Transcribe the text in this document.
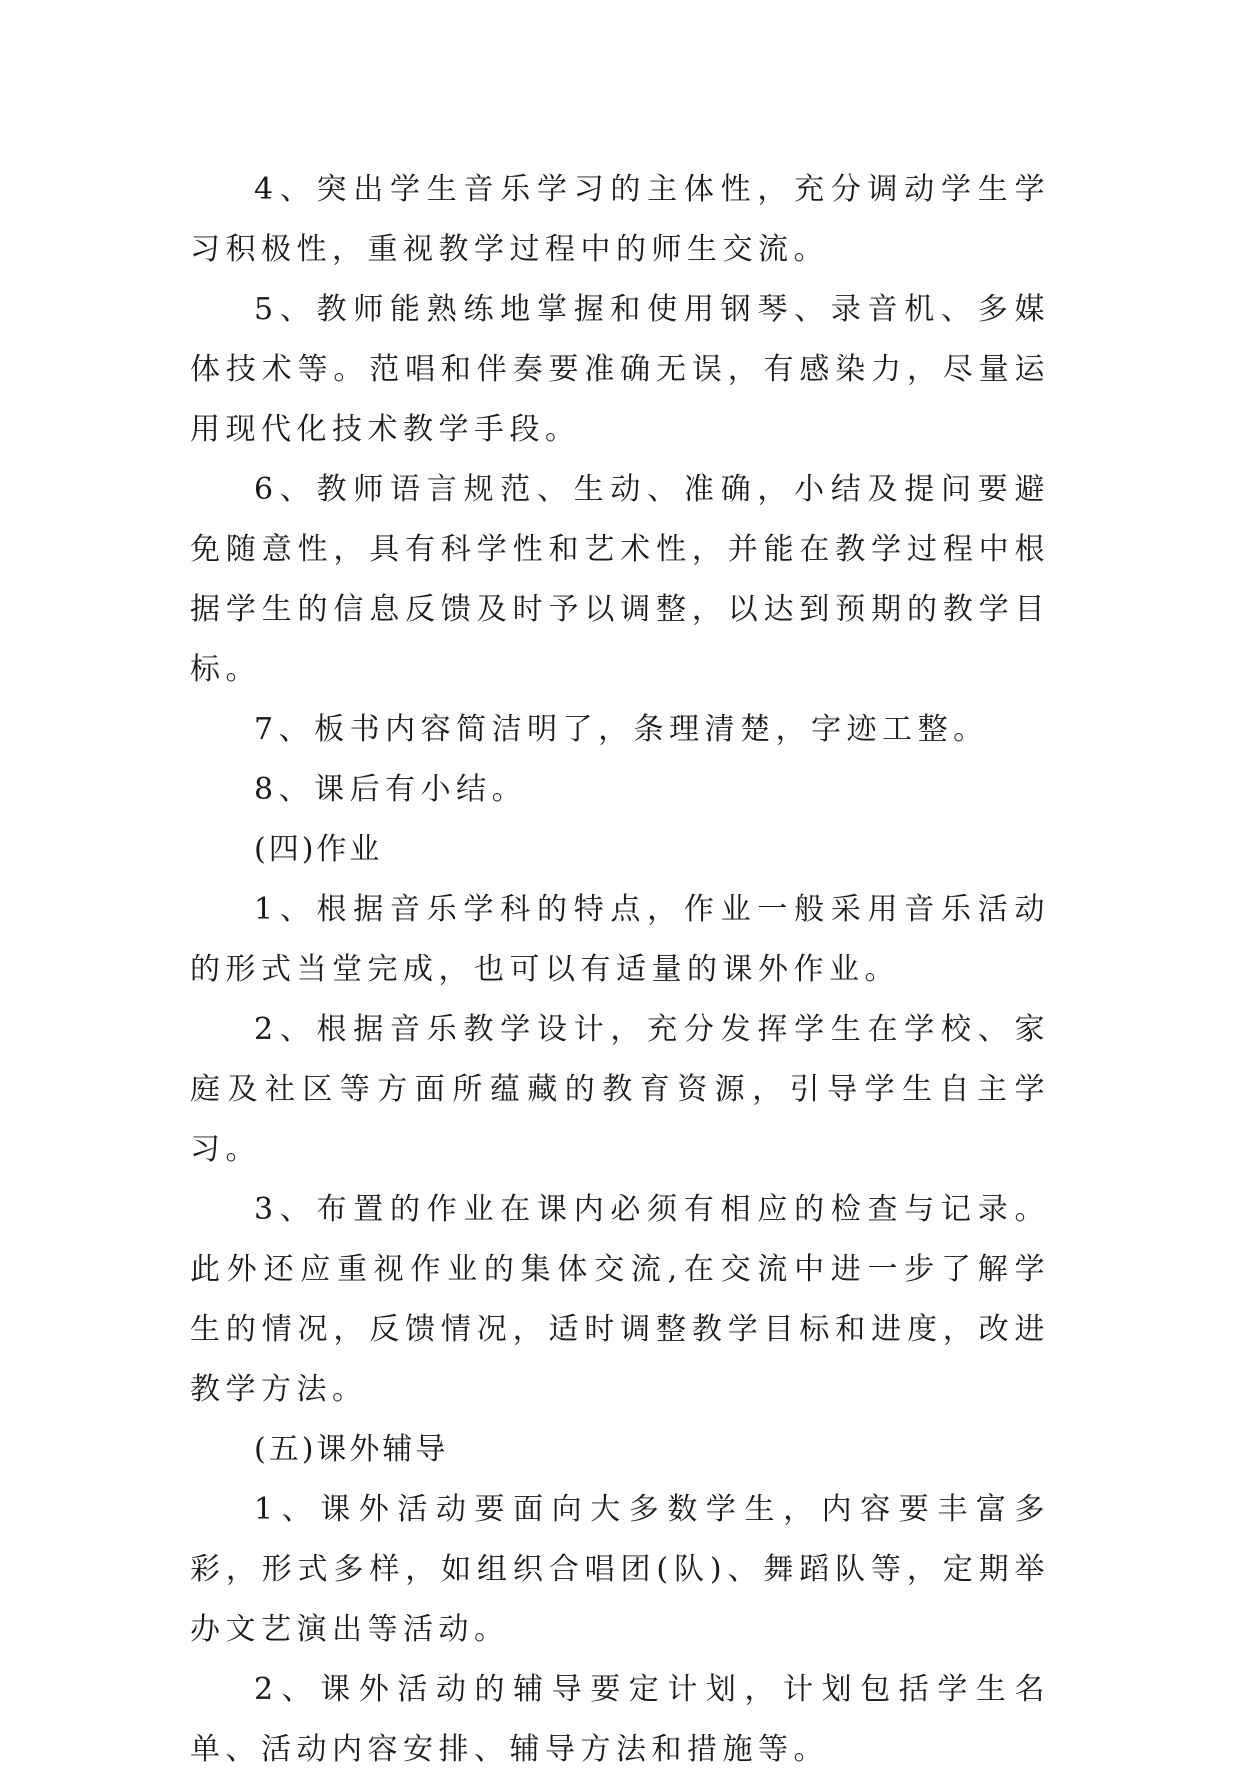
4、突出学生音乐学习的主体性，充分调动学生学习积极性，重视教学过程中的师生交流。

5、教师能熟练地掌握和使用钢琴、录音机、多媒体技术等。范唱和伴奏要准确无误，有感染力，尽量运用现代化技术教学手段。

6、教师语言规范、生动、准确，小结及提问要避免随意性，具有科学性和艺术性，并能在教学过程中根据学生的信息反馈及时予以调整，以达到预期的教学目标。

7、板书内容简洁明了，条理清楚，字迹工整。

8、课后有小结。

(四)作业

1、根据音乐学科的特点，作业一般采用音乐活动的形式当堂完成，也可以有适量的课外作业。

2、根据音乐教学设计，充分发挥学生在学校、家庭及社区等方面所蕴藏的教育资源，引导学生自主学习。

3、布置的作业在课内必须有相应的检查与记录。此外还应重视作业的集体交流,在交流中进一步了解学生的情况，反馈情况，适时调整教学目标和进度，改进教学方法。

(五)课外辅导

1、课外活动要面向大多数学生，内容要丰富多彩，形式多样，如组织合唱团(队)、舞蹈队等，定期举办文艺演出等活动。

2、课外活动的辅导要定计划，计划包括学生名单、活动内容安排、辅导方法和措施等。
